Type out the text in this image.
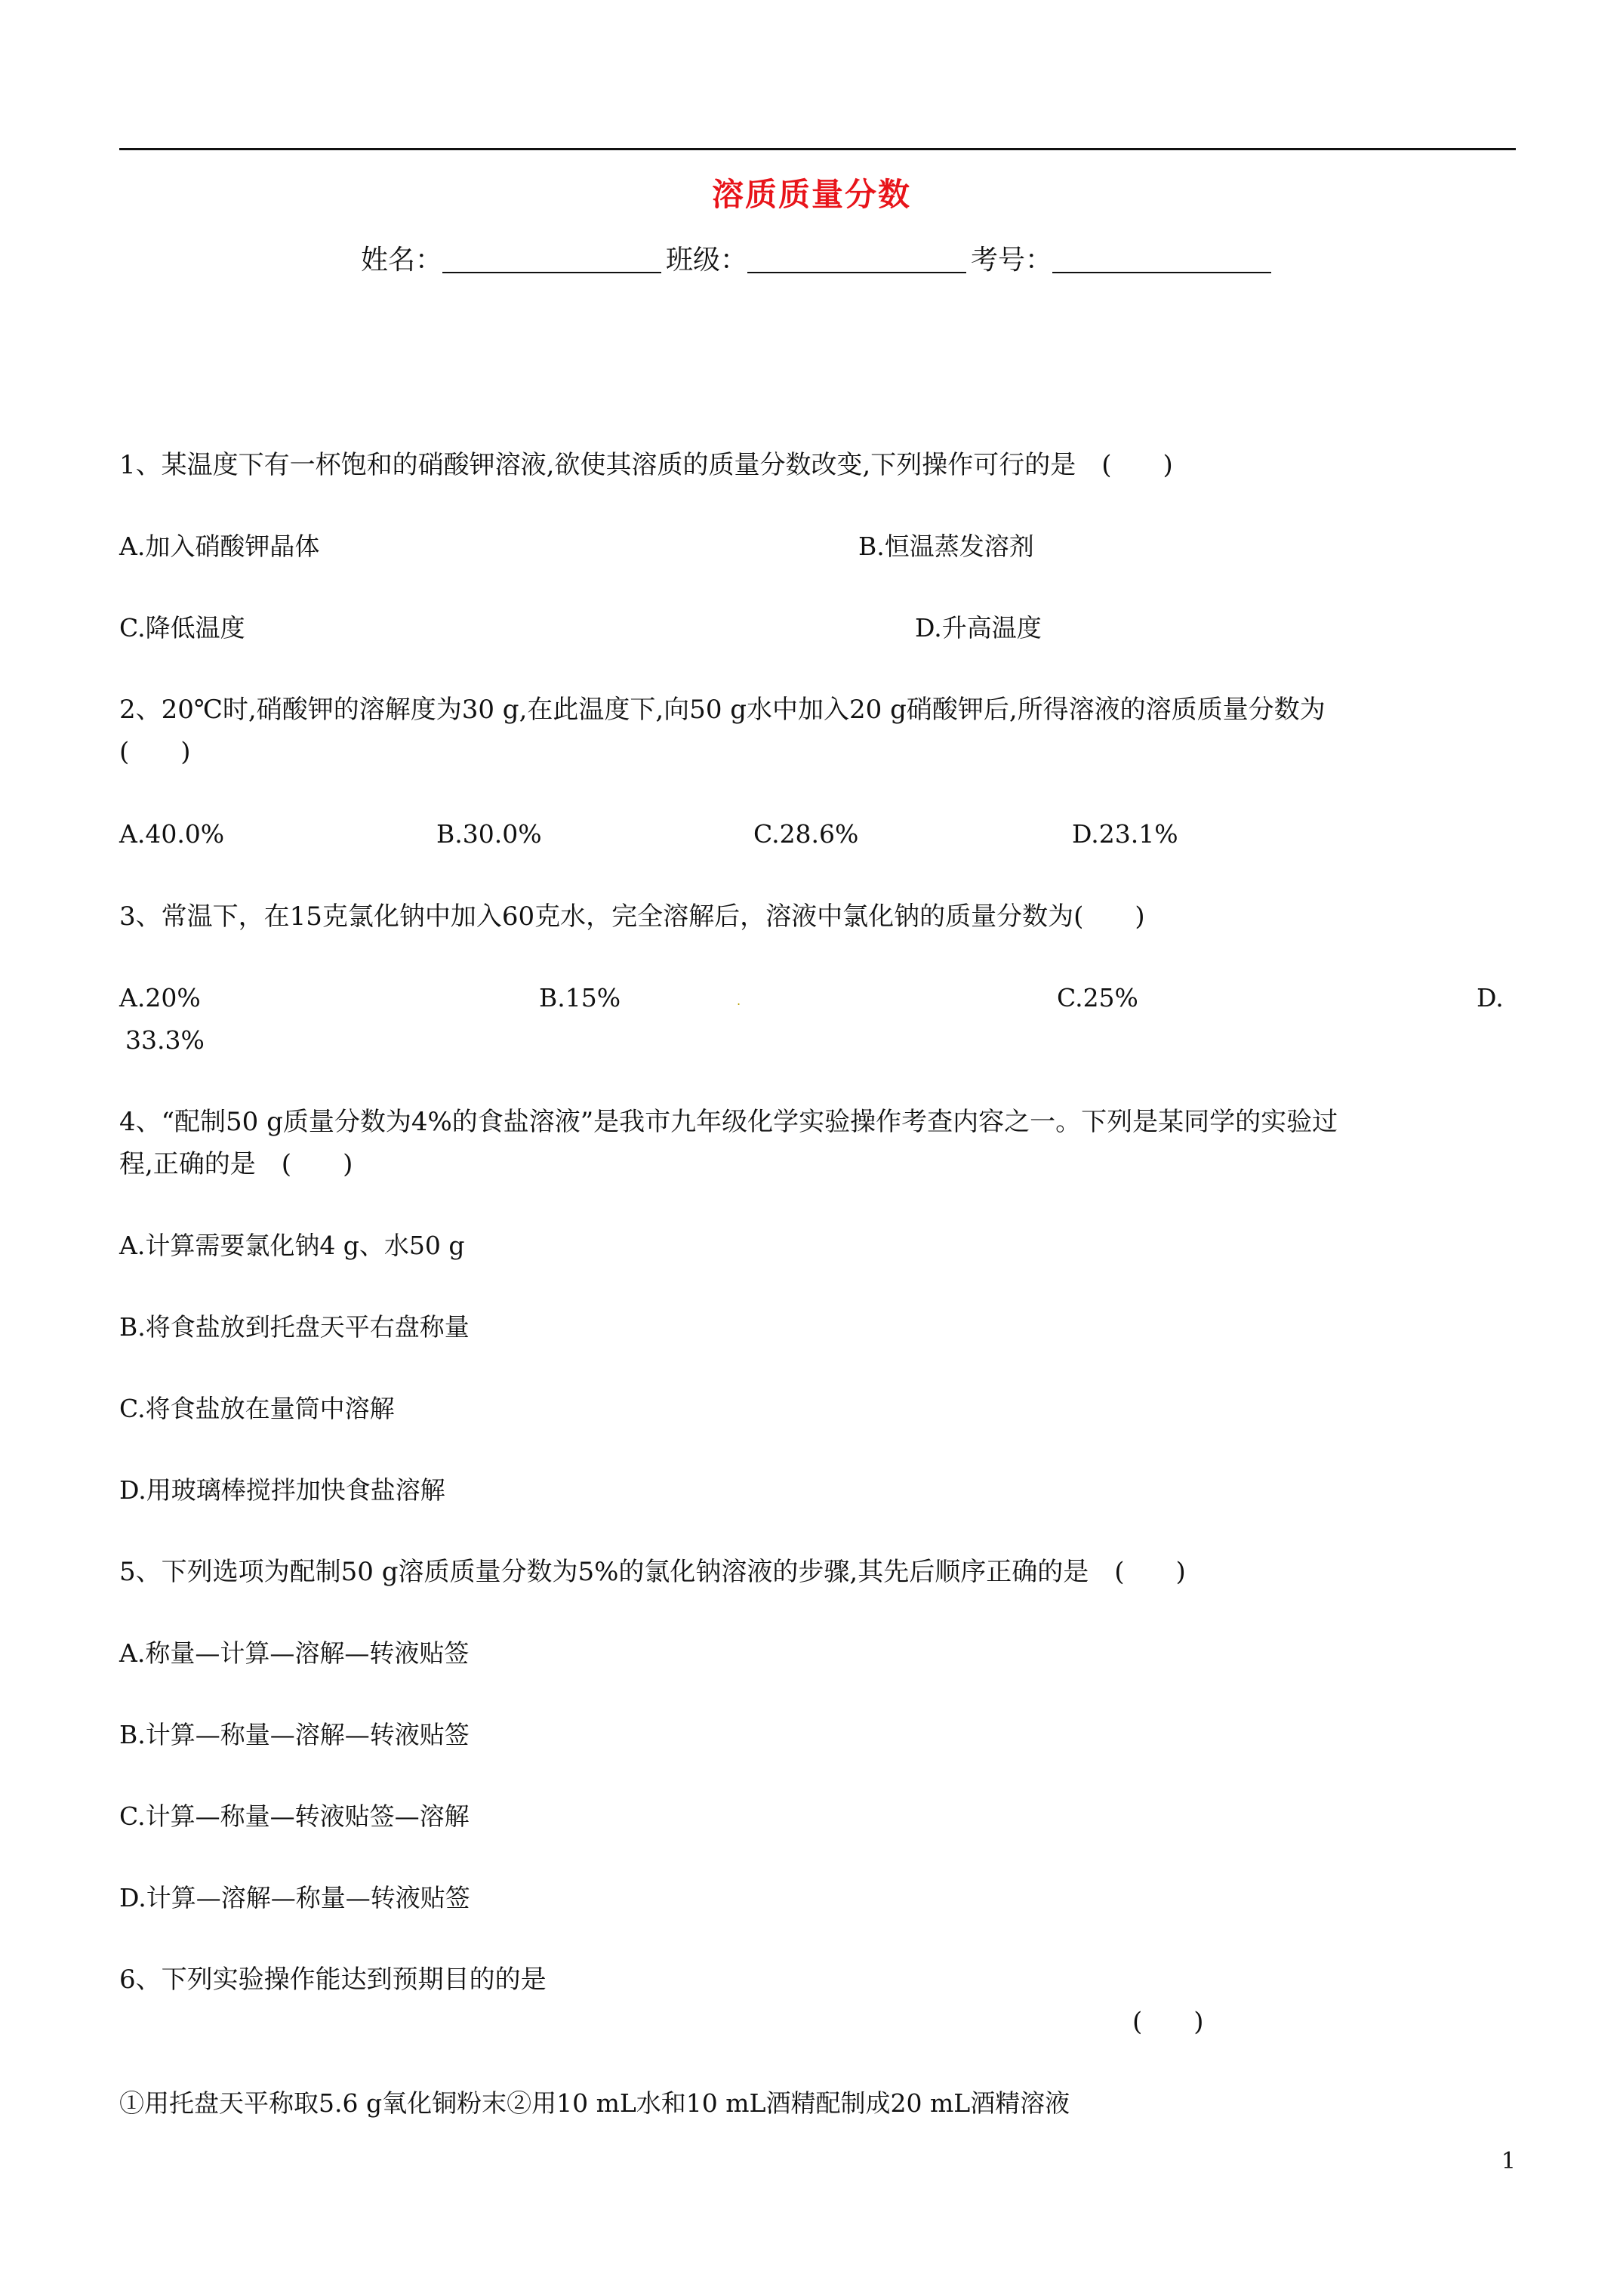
溶质质量分数
姓名：	班级：	考号：
1、某温度下有一杯饱和的硝酸钾溶液,欲使其溶质的质量分数改变,下列操作可行的是　(　　)
A.加入硝酸钾晶体	B.恒温蒸发溶剂
C.降低温度	D.升高温度
2、20℃时,硝酸钾的溶解度为30 g,在此温度下,向50 g水中加入20 g硝酸钾后,所得溶液的溶质质量分数为
(　　)
A.40.0%	B.30.0%	C.28.6%	D.23.1%
3、常温下，在15克氯化钠中加入60克水，完全溶解后，溶液中氯化钠的质量分数为(　　)
A.20%	B.15%	.	C.25%	D.
33.3%
4、“配制50 g质量分数为4%的食盐溶液”是我市九年级化学实验操作考查内容之一。下列是某同学的实验过
程,正确的是　(　　)
A.计算需要氯化钠4 g、水50 g
B.将食盐放到托盘天平右盘称量
C.将食盐放在量筒中溶解
D.用玻璃棒搅拌加快食盐溶解
5、下列选项为配制50 g溶质质量分数为5%的氯化钠溶液的步骤,其先后顺序正确的是　(　　)
A.称量—计算—溶解—转液贴签
B.计算—称量—溶解—转液贴签
C.计算—称量—转液贴签—溶解
D.计算—溶解—称量—转液贴签
6、下列实验操作能达到预期目的的是
(　　)
①用托盘天平称取5.6 g氧化铜粉末②用10 mL水和10 mL酒精配制成20 mL酒精溶液
1
